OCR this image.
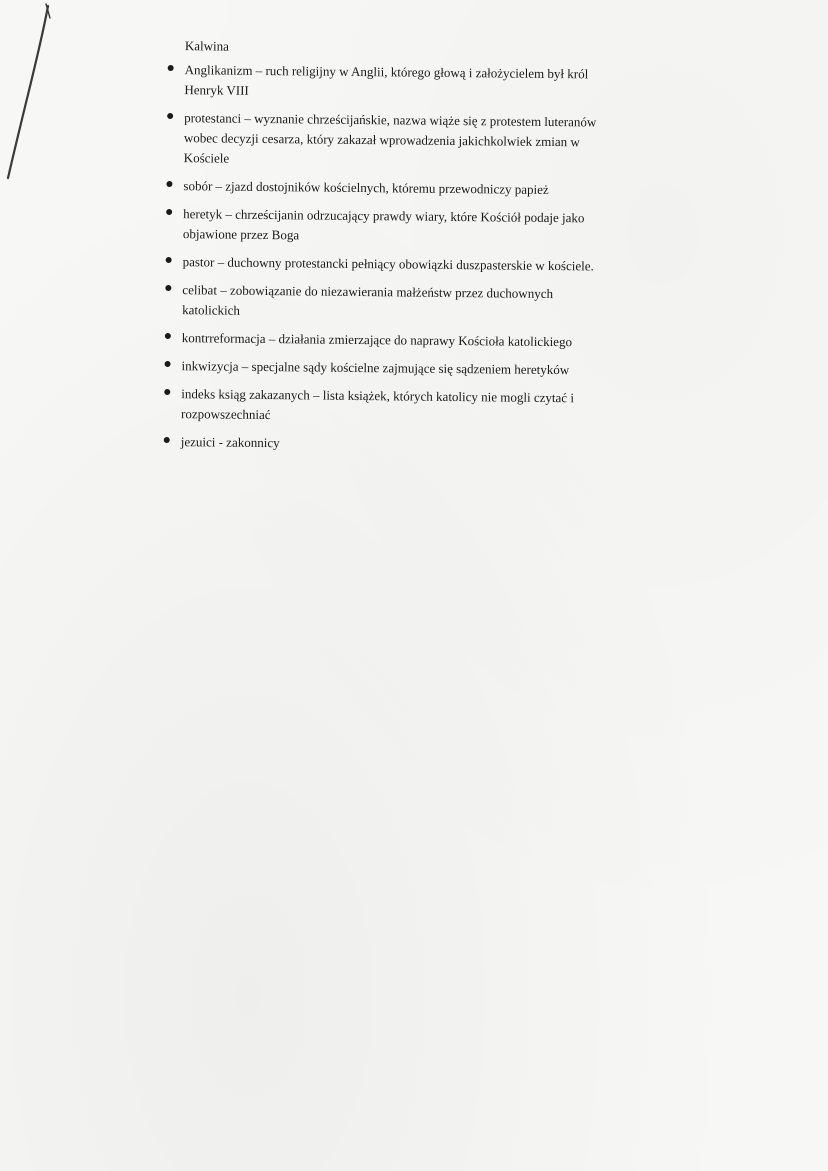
Kalwina
Anglikanizm – ruch religijny w Anglii, którego głową i założycielem był król
Henryk VIII
protestanci – wyznanie chrześcijańskie, nazwa wiąże się z protestem luteranów
wobec decyzji cesarza, który zakazał wprowadzenia jakichkolwiek zmian w
Kościele
sobór – zjazd dostojników kościelnych, któremu przewodniczy papież
heretyk – chrześcijanin odrzucający prawdy wiary, które Kościół podaje jako
objawione przez Boga
pastor – duchowny protestancki pełniący obowiązki duszpasterskie w kościele.
celibat – zobowiązanie do niezawierania małżeństw przez duchownych
katolickich
kontrreformacja – działania zmierzające do naprawy Kościoła katolickiego
inkwizycja – specjalne sądy kościelne zajmujące się sądzeniem heretyków
indeks ksiąg zakazanych – lista książek, których katolicy nie mogli czytać i
rozpowszechniać
jezuici - zakonnicy
